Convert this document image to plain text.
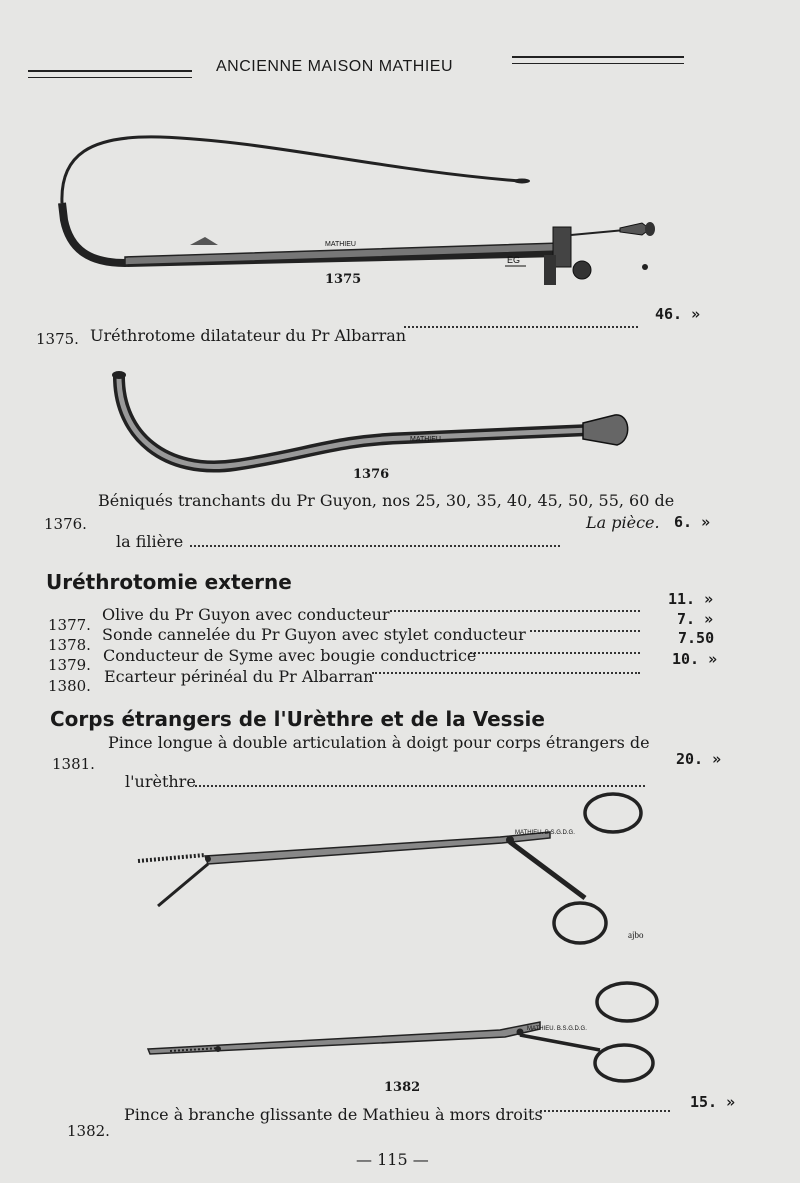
ANCIENNE MAISON MATHIEU
MATHIEU
EG
1375
1375. Uréthrotome dilatateur du Pr Albarran
46. »
MATHIEU
1376
1376.
Béniqués tranchants du Pr Guyon, nos 25, 30, 35, 40, 45, 50, 55, 60 de
la filière
La pièce. 6. »
Uréthrotomie externe
1377.
Olive du Pr Guyon avec conducteur
11. »
1378.
Sonde cannelée du Pr Guyon avec stylet conducteur
7. »
1379. Conducteur de Syme avec bougie conductrice
7.50
1380. Ecarteur périnéal du Pr Albarran
10. »
Corps étrangers de l'Urèthre et de la Vessie
1381.
Pince longue à double articulation à doigt pour corps étrangers de
l'urèthre
20. »
MATHIEU. B.S.G.D.G.
ajbo
MATHIEU. B.S.G.D.G.
1382
1382.
Pince à branche glissante de Mathieu à mors droits
15. »
— 115 —
